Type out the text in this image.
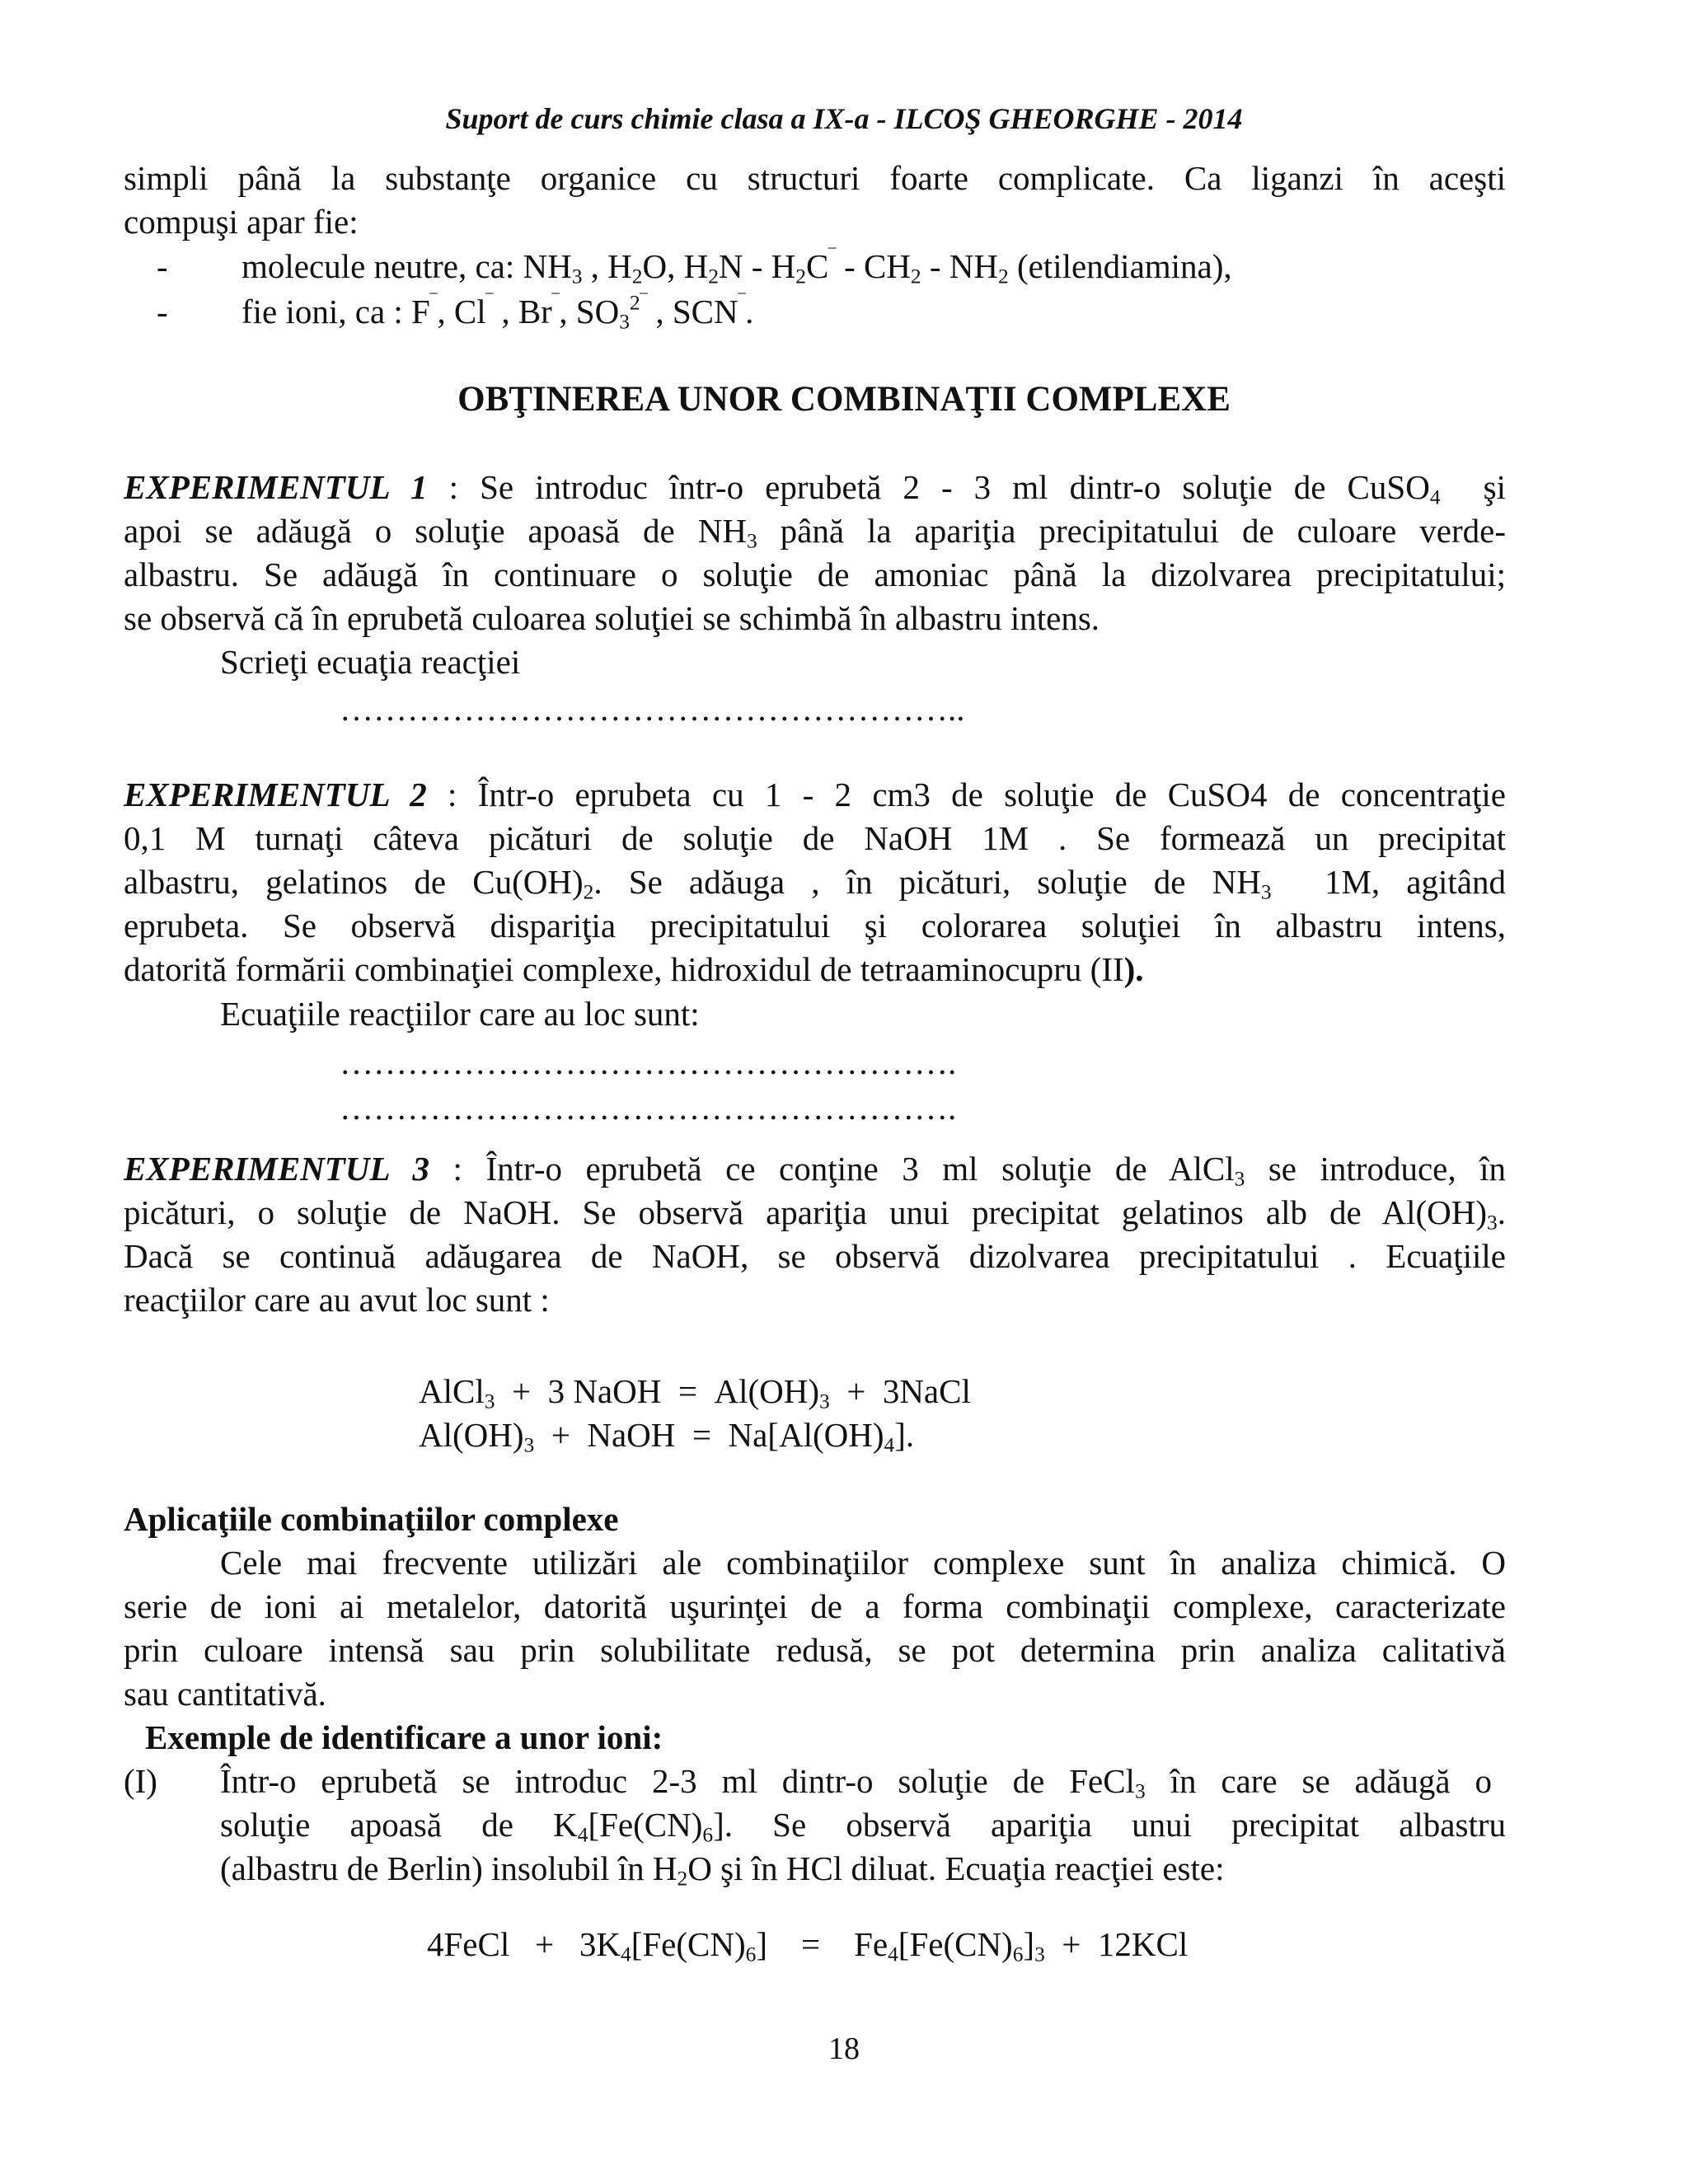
Suport de curs chimie clasa a IX-a - ILCOŞ GHEORGHE - 2014
simpli până la substanţe organice cu structuri foarte complicate. Ca liganzi în aceşti
compuşi apar fie:
- molecule neutre, ca: $NH_3$ , $H_2O$, $H_2N - H_2C^‾ - CH_2 - NH_2$ (etilendiamina),
- fie ioni, ca : F‾, Cl‾ , Br‾, $SO_3^{2‾}$ , SCN‾.
OBŢINEREA UNOR COMBINAŢII COMPLEXE
EXPERIMENTUL 1 : Se introduc într-o eprubetă 2 - 3 ml dintr-o soluţie de CuSO$_4$ şi
apoi se adăugă o soluţie apoasă de $NH_3$ până la apariţia precipitatului de culoare verde-
albastru. Se adăugă în continuare o soluţie de amoniac până la dizolvarea precipitatului;
se observă că în eprubetă culoarea soluţiei se schimbă în albastru intens.
Scrieţi ecuaţia reacţiei
………………………………………………..
EXPERIMENTUL 2 : Într-o eprubeta cu 1 - 2 cm3 de soluţie de CuSO4 de concentraţie
0,1 M turnaţi câteva picături de soluţie de NaOH 1M . Se formează un precipitat
albastru, gelatinos de $Cu(OH)_2$. Se adăuga , în picături, soluţie de $NH_3$ 1M, agitând
eprubeta. Se observă dispariţia precipitatului şi colorarea soluţiei în albastru intens,
datorită formării combinaţiei complexe, hidroxidul de tetraaminocupru (II).
Ecuaţiile reacţiilor care au loc sunt:
……………………………………………….
……………………………………………….
EXPERIMENTUL 3 : Într-o eprubetă ce conţine 3 ml soluţie de AlCl$_3$ se introduce, în
picături, o soluţie de NaOH. Se observă apariţia unui precipitat gelatinos alb de $Al(OH)_3$.
Dacă se continuă adăugarea de NaOH, se observă dizolvarea precipitatului . Ecuaţiile
reacţiilor care au avut loc sunt :
AlCl$_3$  +  3 NaOH  =  $Al(OH)_3$  +  3NaCl
$Al(OH)_3$  +  NaOH  =  $Na[Al(OH)_4]$.
Aplicaţiile combinaţiilor complexe
Cele mai frecvente utilizări ale combinaţiilor complexe sunt în analiza chimică. O
serie de ioni ai metalelor, datorită uşurinţei de a forma combinaţii complexe, caracterizate
prin culoare intensă sau prin solubilitate redusă, se pot determina prin analiza calitativă
sau cantitativă.
Exemple de identificare a unor ioni:
(I) Într-o eprubetă se introduc 2-3 ml dintr-o soluţie de FeCl$_3$ în care se adăugă o
soluţie apoasă de $K_4[Fe(CN)_6]$. Se observă apariţia unui precipitat albastru
(albastru de Berlin) insolubil în $H_2O$ şi în HCl diluat. Ecuaţia reacţiei este:
4FeCl   +   $3K_4[Fe(CN)_6]$    =    $Fe_4[Fe(CN)_6]_3 + 12KCl$
18
